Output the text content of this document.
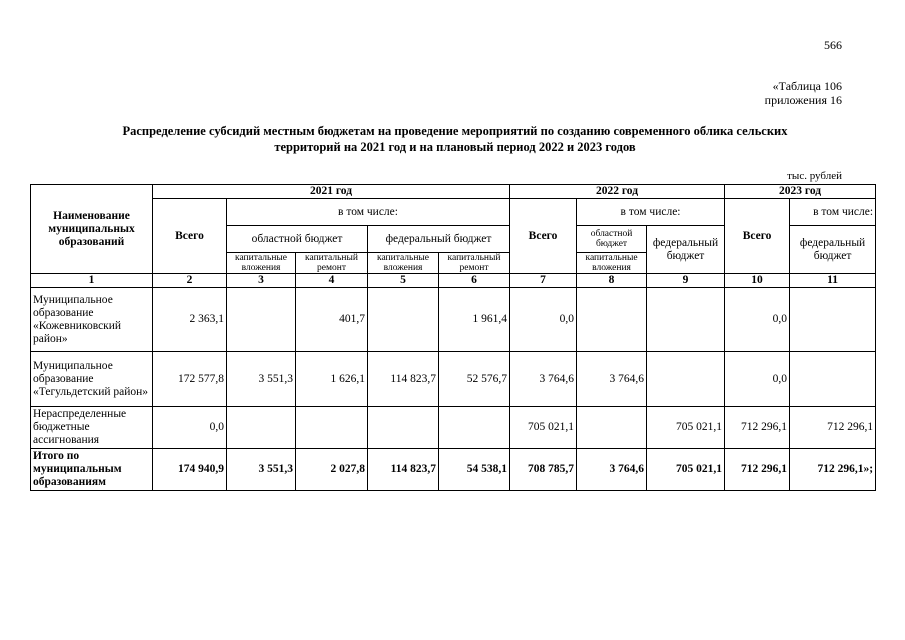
566
«Таблица 106
приложения 16
Распределение субсидий местным бюджетам на проведение мероприятий по созданию современного облика сельских
территорий на 2021 год и на плановый период 2022 и 2023 годов
тыс. рублей
Наименование муниципальных образований	2021 год					2022 год			2023 год	
	Всего	в том числе:				Всего	в том числе:		Всего	в том числе:
		областной бюджет		федеральный бюджет			областной бюджет	федеральный бюджет		федеральный бюджет
		капитальные вложения	капитальный ремонт	капитальные вложения	капитальный ремонт		капитальные вложения			
1	2	3	4	5	6	7	8	9	10	11
Муниципальное образование «Кожевниковский район»	2 363,1		401,7		1 961,4	0,0			0,0	
Муниципальное образование «Тегульдетский район»	172 577,8	3 551,3	1 626,1	114 823,7	52 576,7	3 764,6	3 764,6		0,0	
Нераспределенные бюджетные ассигнования	0,0					705 021,1		705 021,1	712 296,1	712 296,1
Итого по муниципальным образованиям	174 940,9	3 551,3	2 027,8	114 823,7	54 538,1	708 785,7	3 764,6	705 021,1	712 296,1	712 296,1»;
